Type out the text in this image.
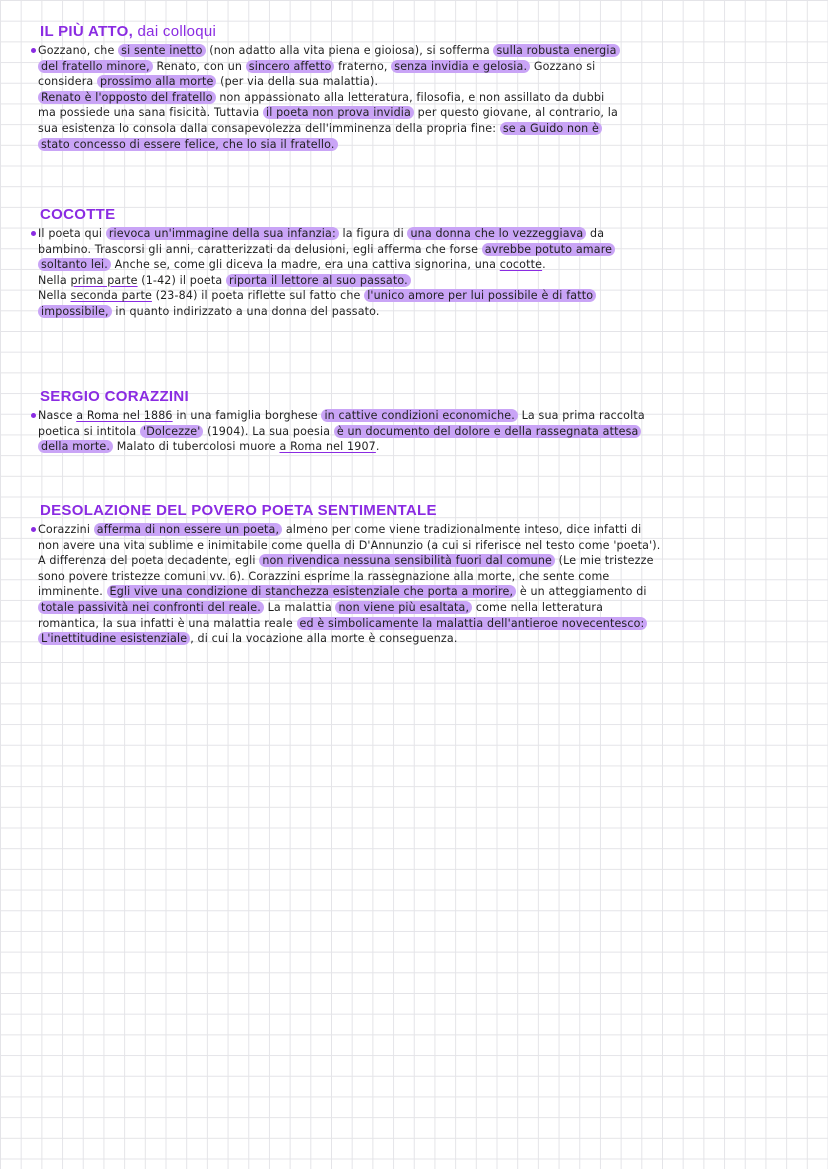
IL PIÙ ATTO, dai colloqui

Gozzano, che si sente inetto (non adatto alla vita piena e gioiosa), si sofferma sulla robusta energia
del fratello minore, Renato, con un sincero affetto fraterno, senza invidia e gelosia. Gozzano si
considera prossimo alla morte (per via della sua malattia).
Renato è l'opposto del fratello non appassionato alla letteratura, filosofia, e non assillato da dubbi
ma possiede una sana fisicità. Tuttavia il poeta non prova invidia per questo giovane, al contrario, la
sua esistenza lo consola dalla consapevolezza dell'imminenza della propria fine: se a Guido non è
stato concesso di essere felice, che lo sia il fratello.

COCOTTE

Il poeta qui rievoca un'immagine della sua infanzia: la figura di una donna che lo vezzeggiava da
bambino. Trascorsi gli anni, caratterizzati da delusioni, egli afferma che forse avrebbe potuto amare
soltanto lei. Anche se, come gli diceva la madre, era una cattiva signorina, una cocotte.
Nella prima parte (1-42) il poeta riporta il lettore al suo passato.
Nella seconda parte (23-84) il poeta riflette sul fatto che l'unico amore per lui possibile è di fatto
impossibile, in quanto indirizzato a una donna del passato.

SERGIO CORAZZINI

Nasce a Roma nel 1886 in una famiglia borghese in cattive condizioni economiche. La sua prima raccolta
poetica si intitola 'Dolcezze' (1904). La sua poesia è un documento del dolore e della rassegnata attesa
della morte. Malato di tubercolosi muore a Roma nel 1907.

DESOLAZIONE DEL POVERO POETA SENTIMENTALE

Corazzini afferma di non essere un poeta, almeno per come viene tradizionalmente inteso, dice infatti di
non avere una vita sublime e inimitabile come quella di D'Annunzio (a cui si riferisce nel testo come 'poeta').
A differenza del poeta decadente, egli non rivendica nessuna sensibilità fuori dal comune (Le mie tristezze
sono povere tristezze comuni vv. 6). Corazzini esprime la rassegnazione alla morte, che sente come
imminente. Egli vive una condizione di stanchezza esistenziale che porta a morire, è un atteggiamento di
totale passività nei confronti del reale. La malattia non viene più esaltata, come nella letteratura
romantica, la sua infatti è una malattia reale ed è simbolicamente la malattia dell'antieroe novecentesco:
L'inettitudine esistenziale , di cui la vocazione alla morte è conseguenza.
